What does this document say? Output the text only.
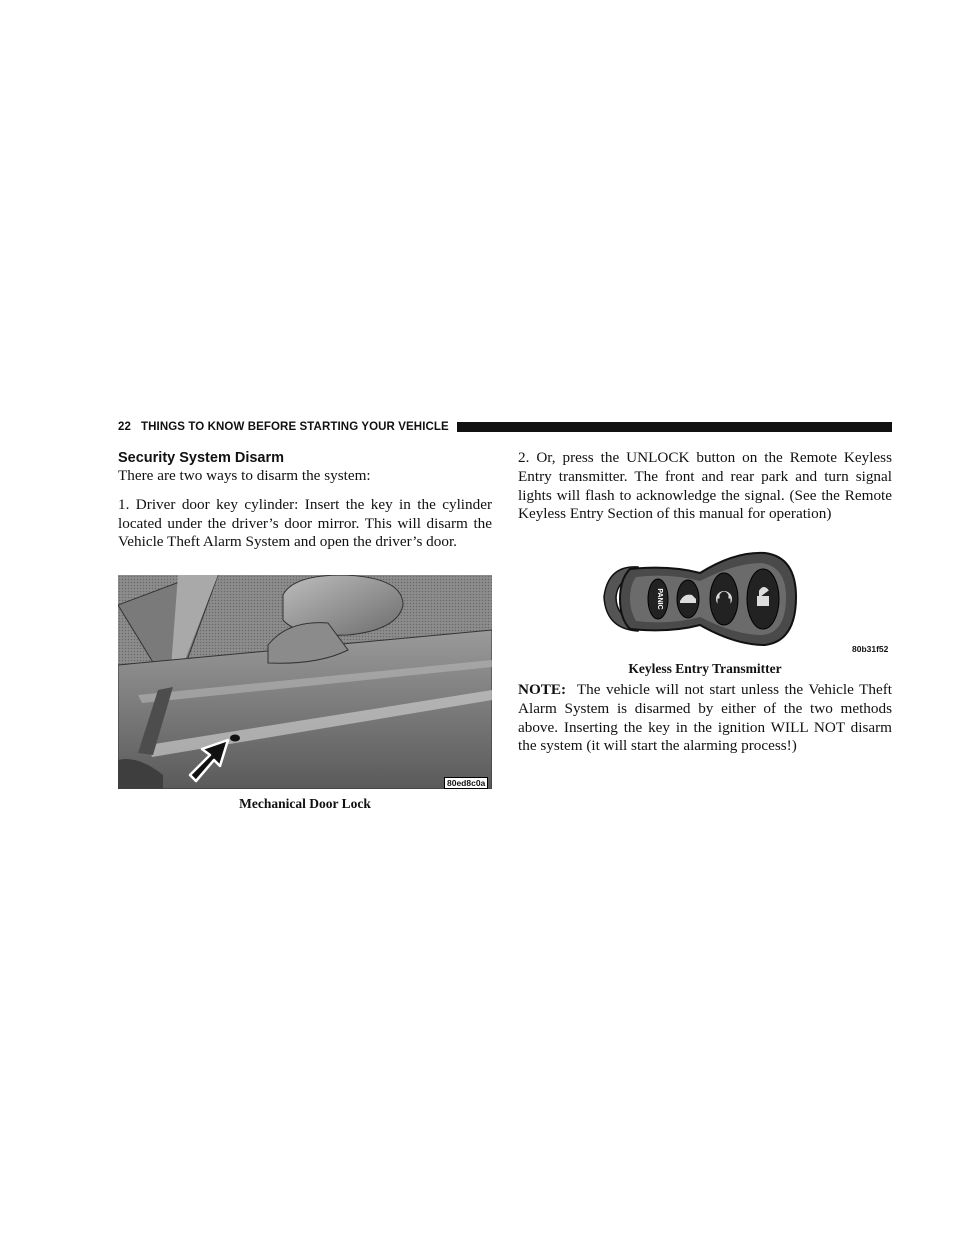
22 THINGS TO KNOW BEFORE STARTING YOUR VEHICLE

Security System Disarm

There are two ways to disarm the system:

1. Driver door key cylinder: Insert the key in the cylinder located under the driver’s door mirror. This will disarm the Vehicle Theft Alarm System and open the driver’s door.

80ed8c0a
Mechanical Door Lock

2. Or, press the UNLOCK button on the Remote Keyless Entry transmitter. The front and rear park and turn signal lights will flash to acknowledge the signal. (See the Remote Keyless Entry Section of this manual for operation)

PANIC
80b31f52
Keyless Entry Transmitter

NOTE: The vehicle will not start unless the Vehicle Theft Alarm System is disarmed by either of the two methods above. Inserting the key in the ignition WILL NOT disarm the system (it will start the alarming process!)
